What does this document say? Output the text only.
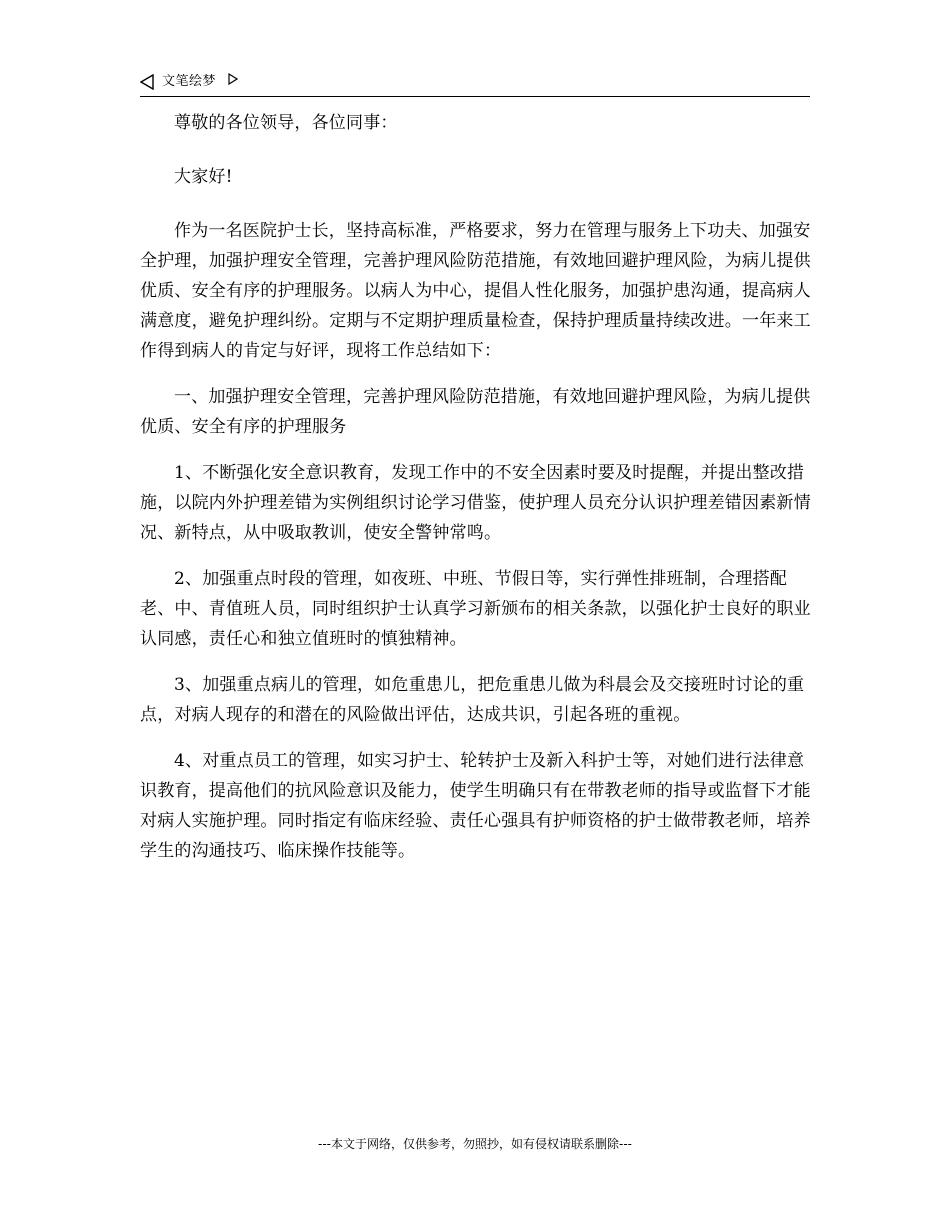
文笔绘梦

尊敬的各位领导，各位同事：

大家好!

作为一名医院护士长，坚持高标准，严格要求，努力在管理与服务上下功夫、加强安全护理，加强护理安全管理，完善护理风险防范措施，有效地回避护理风险，为病儿提供优质、安全有序的护理服务。以病人为中心，提倡人性化服务，加强护患沟通，提高病人满意度，避免护理纠纷。定期与不定期护理质量检查，保持护理质量持续改进。一年来工作得到病人的肯定与好评，现将工作总结如下：

一、加强护理安全管理，完善护理风险防范措施，有效地回避护理风险，为病儿提供优质、安全有序的护理服务

1、不断强化安全意识教育，发现工作中的不安全因素时要及时提醒，并提出整改措施，以院内外护理差错为实例组织讨论学习借鉴，使护理人员充分认识护理差错因素新情况、新特点，从中吸取教训，使安全警钟常鸣。

2、加强重点时段的管理，如夜班、中班、节假日等，实行弹性排班制，合理搭配老、中、青值班人员，同时组织护士认真学习新颁布的相关条款，以强化护士良好的职业认同感，责任心和独立值班时的慎独精神。

3、加强重点病儿的管理，如危重患儿，把危重患儿做为科晨会及交接班时讨论的重点，对病人现存的和潜在的风险做出评估，达成共识，引起各班的重视。

4、对重点员工的管理，如实习护士、轮转护士及新入科护士等，对她们进行法律意识教育，提高他们的抗风险意识及能力，使学生明确只有在带教老师的指导或监督下才能对病人实施护理。同时指定有临床经验、责任心强具有护师资格的护士做带教老师，培养学生的沟通技巧、临床操作技能等。

---本文于网络，仅供参考，勿照抄，如有侵权请联系删除---
